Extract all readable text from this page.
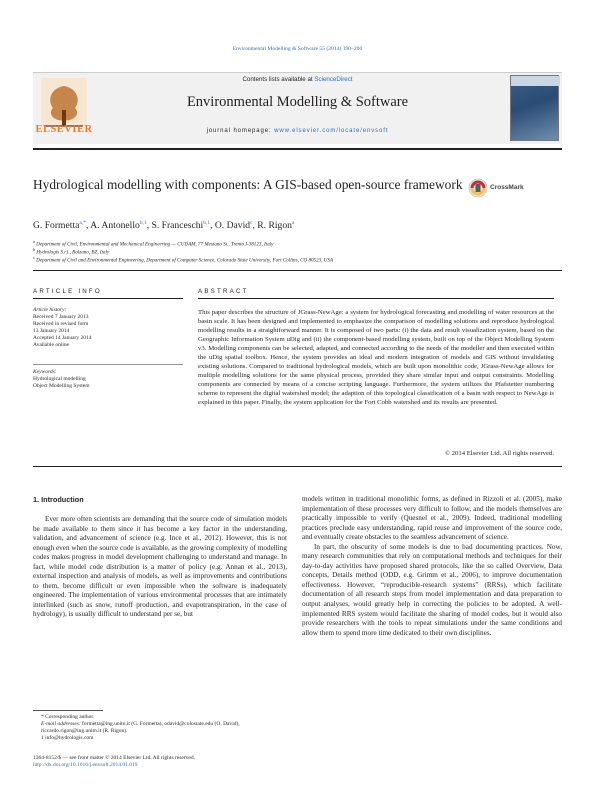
Environmental Modelling & Software 55 (2014) 190–200
ELSEVIER
Contents lists available at ScienceDirect
Environmental Modelling & Software
journal homepage: www.elsevier.com/locate/envsoft
Hydrological modelling with components: A GIS-based open-source framework	CrossMark
G. Formetta$^{a,*}$, A. Antonello$^{b,1}$, S. Franceschi$^{b,1}$, O. David$^c$, R. Rigon$^a$
$^a$ Department of Civil, Environmental and Mechanical Engineering — CUDAM, 77 Mesiano St., Trento I-38123, Italy
$^b$ Hydrologis S.r.l., Bolzano, BZ, Italy
$^c$ Department of Civil and Environmental Engineering, Department of Computer Science, Colorado State University, Fort Collins, CO 80523, USA
ARTICLE INFO
Article history:
Received 7 January 2013
Received in revised form
13 January 2014
Accepted 14 January 2014
Available online
Keywords:
Hydrological modelling
Object Modelling System
ABSTRACT
This paper describes the structure of JGrass-NewAge: a system for hydrological forecasting and modelling of water resources at the basin scale. It has been designed and implemented to emphasize the comparison of modelling solutions and reproduce hydrological modelling results in a straightforward manner. It is composed of two parts: (i) the data and result visualization system, based on the Geographic Information System uDig and (ii) the component-based modelling system, built on top of the Object Modelling System v3. Modelling components can be selected, adapted, and connected according to the needs of the modeller and then executed within the uDig spatial toolbox. Hence, the system provides an ideal and modern integration of models and GIS without invalidating existing solutions. Compared to traditional hydrological models, which are built upon monolithic code, JGrass-NewAge allows for multiple modelling solutions for the same physical process, provided they share similar input and output constraints. Modelling components are connected by means of a concise scripting language. Furthermore, the system utilizes the Pfafstetter numbering scheme to represent the digital watershed model; the adaption of this topological classification of a basin with respect to NewAge is explained in this paper. Finally, the system application for the Fort Cobb watershed and its results are presented.
© 2014 Elsevier Ltd. All rights reserved.
1. Introduction

Ever more often scientists are demanding that the source code of simulation models be made available to them since it has become a key factor in the understanding, validation, and advancement of science (e.g. Ince et al., 2012). However, this is not enough even when the source code is available, as the growing complexity of modelling codes makes progress in model development challenging to understand and manage. In fact, while model code distribution is a matter of policy (e.g. Annan et al., 2013), external inspection and analysis of models, as well as improvements and contributions to them, become difficult or even impossible when the software is inadequately engineered. The implementation of various environmental processes that are intimately interlinked (such as snow, runoff production, and evapotranspiration, in the case of hydrology), is usually difficult to understand per se, but

models written in traditional monolithic forms, as defined in Rizzoli et al. (2005), make implementation of these processes very difficult to follow, and the models themselves are practically impossible to verify (Quesnel et al., 2009). Indeed, traditional modelling practices preclude easy understanding, rapid reuse and improvement of the source code, and eventually create obstacles to the seamless advancement of science.

In part, the obscurity of some models is due to bad documenting practices. Now, many research communities that rely on computational methods and techniques for their day-to-day activities have proposed shared protocols, like the so called Overview, Data concepts, Details method (ODD, e.g. Grimm et al., 2006), to improve documentation effectiveness. However, “reproducible-research systems” (RRSs), which facilitate documentation of all research steps from model implementation and data preparation to output analyses, would greatly help in correcting the policies to be adopted. A well-implemented RRS system would facilitate the sharing of model codes, but it would also provide researchers with the tools to repeat simulations under the same conditions and allow them to spend more time dedicated to their own disciplines.

* Corresponding author.
E-mail addresses: formetta@ing.unitn.it (G. Formetta), odavid@colostate.edu (O. David), riccardo.rigon@ing.unitn.it (R. Rigon).
1 info@hydrologis.com
1364-8152/$ — see front matter © 2014 Elsevier Ltd. All rights reserved.
http://dx.doi.org/10.1016/j.envsoft.2014.01.019
